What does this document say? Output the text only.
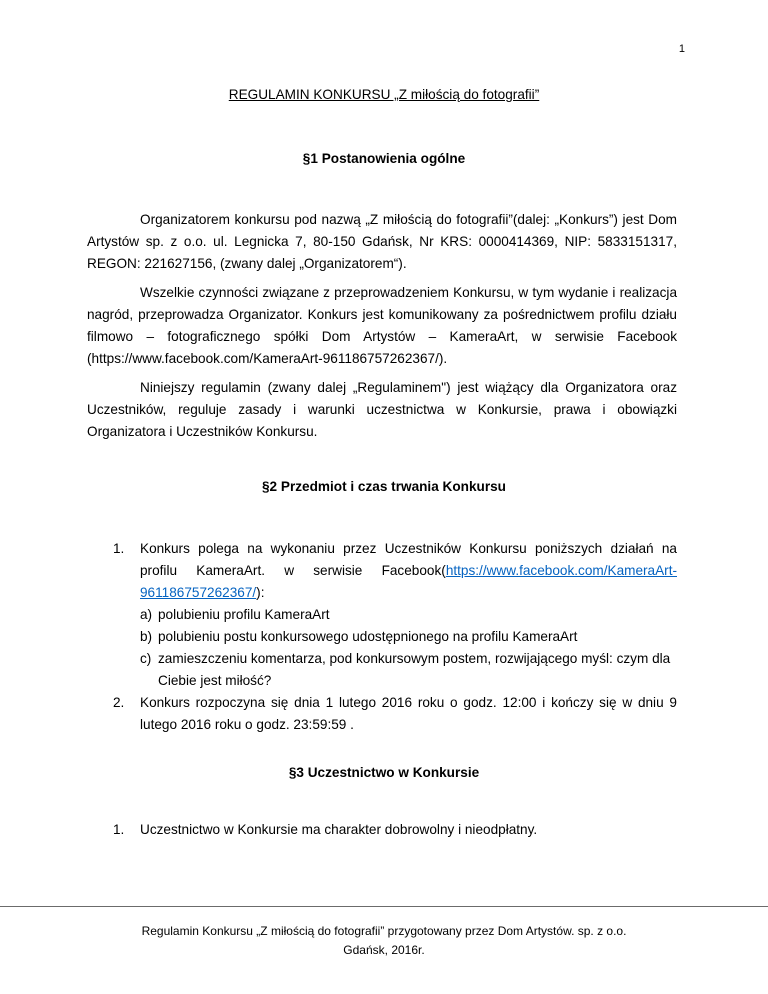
1
REGULAMIN KONKURSU „Z miłością do fotografii”
§1 Postanowienia ogólne

Organizatorem konkursu pod nazwą „Z miłością do fotografii”(dalej: „Konkurs”) jest Dom Artystów sp. z o.o. ul. Legnicka 7, 80-150 Gdańsk, Nr KRS: 0000414369, NIP: 5833151317, REGON: 221627156, (zwany dalej „Organizatorem“).

Wszelkie czynności związane z przeprowadzeniem Konkursu, w tym wydanie i realizacja nagród, przeprowadza Organizator. Konkurs jest komunikowany za pośrednictwem profilu działu filmowo – fotograficznego spółki Dom Artystów – KameraArt, w serwisie Facebook (https://www.facebook.com/KameraArt-961186757262367/).

Niniejszy regulamin (zwany dalej „Regulaminem") jest wiążący dla Organizatora oraz Uczestników, reguluje zasady i warunki uczestnictwa w Konkursie, prawa i obowiązki Organizatora i Uczestników Konkursu.

§2 Przedmiot i czas trwania Konkursu
1. Konkurs polega na wykonaniu przez Uczestników Konkursu poniższych działań na profilu KameraArt. w serwisie Facebook(https://www.facebook.com/KameraArt-961186757262367/):
a) polubieniu profilu KameraArt
b) polubieniu postu konkursowego udostępnionego na profilu KameraArt
c) zamieszczeniu komentarza, pod konkursowym postem, rozwijającego myśl: czym dla Ciebie jest miłość?
2. Konkurs rozpoczyna się dnia 1 lutego 2016 roku o godz. 12:00 i kończy się w dniu 9 lutego 2016 roku o godz. 23:59:59 .
§3 Uczestnictwo w Konkursie
1. Uczestnictwo w Konkursie ma charakter dobrowolny i nieodpłatny.
Regulamin Konkursu „Z miłością do fotografii” przygotowany przez Dom Artystów. sp. z o.o.
Gdańsk, 2016r.
